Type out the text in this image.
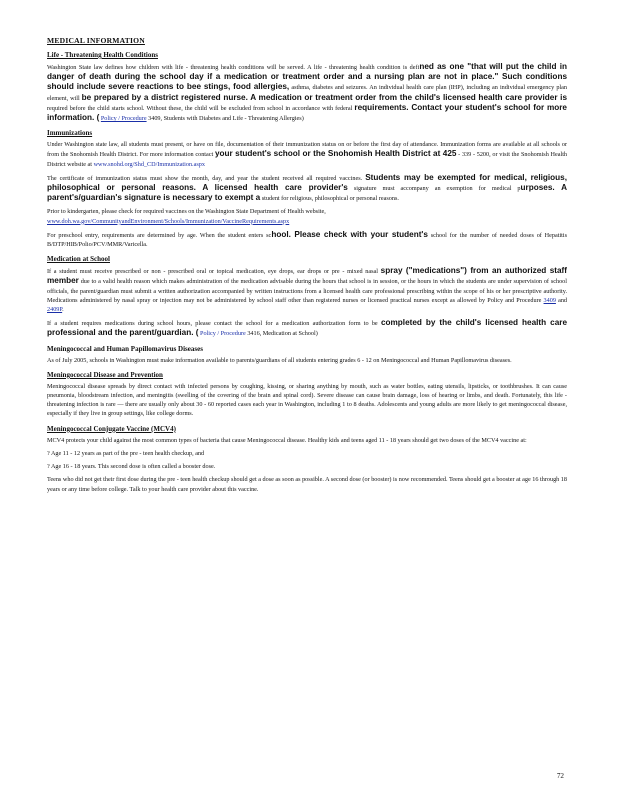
MEDICAL INFORMATION
Life - Threatening Health Conditions

Washington State law defines how children with life - threatening health conditions will be served. A life - threatening health condition is defined as one "that will put the child in danger of death during the school day if a medication or treatment order and a nursing plan are not in place." Such conditions should include severe reactions to bee stings, food allergies, asthma, diabetes and seizures. An individual health care plan (IHP), including an individual emergency plan element, will be prepared by a district registered nurse. A medication or treatment order from the child's licensed health care provider is required before the child starts school. Without these, the child will be excluded from school in accordance with federal requirements. Contact your student's school for more information. ( Policy / Procedure 3409, Students with Diabetes and Life - Threatening Allergies)

Immunizations

Under Washington state law, all students must present, or have on file, documentation of their immunization status on or before the first day of attendance. Immunization forms are available at all schools or from the Snohomish Health District. For more information contact your student's school or the Snohomish Health District at 425 - 339 - 5200, or visit the Snohomish Health District website at www.snohd.org/Shd_CD/Immunization.aspx

The certificate of immunization status must show the month, day, and year the student received all required vaccines. Students may be exempted for medical, religious, philosophical or personal reasons. A licensed health care provider's signature must accompany an exemption for medical purposes. A parent's/guardian's signature is necessary to exempt a student for religious, philosophical or personal reasons.

Prior to kindergarten, please check for required vaccines on the Washington State Department of Health website,
www.doh.wa.gov/CommunityandEnvironment/Schools/Immunization/VaccineRequirements.aspx

For preschool entry, requirements are determined by age. When the student enters school. Please check with your student's school for the number of needed doses of Hepatitis B/DTP/HIB/Polio/PCV/MMR/Varicella.

Medication at School

If a student must receive prescribed or non - prescribed oral or topical medication, eye drops, ear drops or pre - mixed nasal spray ("medications") from an authorized staff member due to a valid health reason which makes administration of the medication advisable during the hours that school is in session, or the hours in which the students are under supervision of school officials, the parent/guardian must submit a written authorization accompanied by written instructions from a licensed health care professional prescribing within the scope of his or her prescriptive authority. Medications administered by nasal spray or injection may not be administered by school staff other than registered nurses or licensed practical nurses except as allowed by Policy and Procedure 3409 and 2409P.

If a student requires medications during school hours, please contact the school for a medication authorization form to be completed by the child's licensed health care professional and the parent/guardian. ( Policy / Procedure 3416, Medication at School)

Meningococcal and Human Papillomavirus Diseases

As of July 2005, schools in Washington must make information available to parents/guardians of all students entering grades 6 - 12 on Meningococcal and Human Papillomavirus diseases.

Meningococcal Disease and Prevention

Meningococcal disease spreads by direct contact with infected persons by coughing, kissing, or sharing anything by mouth, such as water bottles, eating utensils, lipsticks, or toothbrushes. It can cause pneumonia, bloodstream infection, and meningitis (swelling of the covering of the brain and spinal cord). Severe disease can cause brain damage, loss of hearing or limbs, and death. Fortunately, this life - threatening infection is rare — there are usually only about 30 - 60 reported cases each year in Washington, including 1 to 8 deaths. Adolescents and young adults are more likely to get meningococcal disease, especially if they live in group settings, like college dorms.

Meningococcal Conjugate Vaccine (MCV4)

MCV4 protects your child against the most common types of bacteria that cause Meningococcal disease. Healthy kids and teens aged 11 - 18 years should get two doses of the MCV4 vaccine at:

? Age 11 - 12 years as part of the pre - teen health checkup, and
? Age 16 - 18 years. This second dose is often called a booster dose.

Teens who did not get their first dose during the pre - teen health checkup should get a dose as soon as possible. A second dose (or booster) is now recommended. Teens should get a booster at age 16 through 18 years or any time before college. Talk to your health care provider about this vaccine.

72
